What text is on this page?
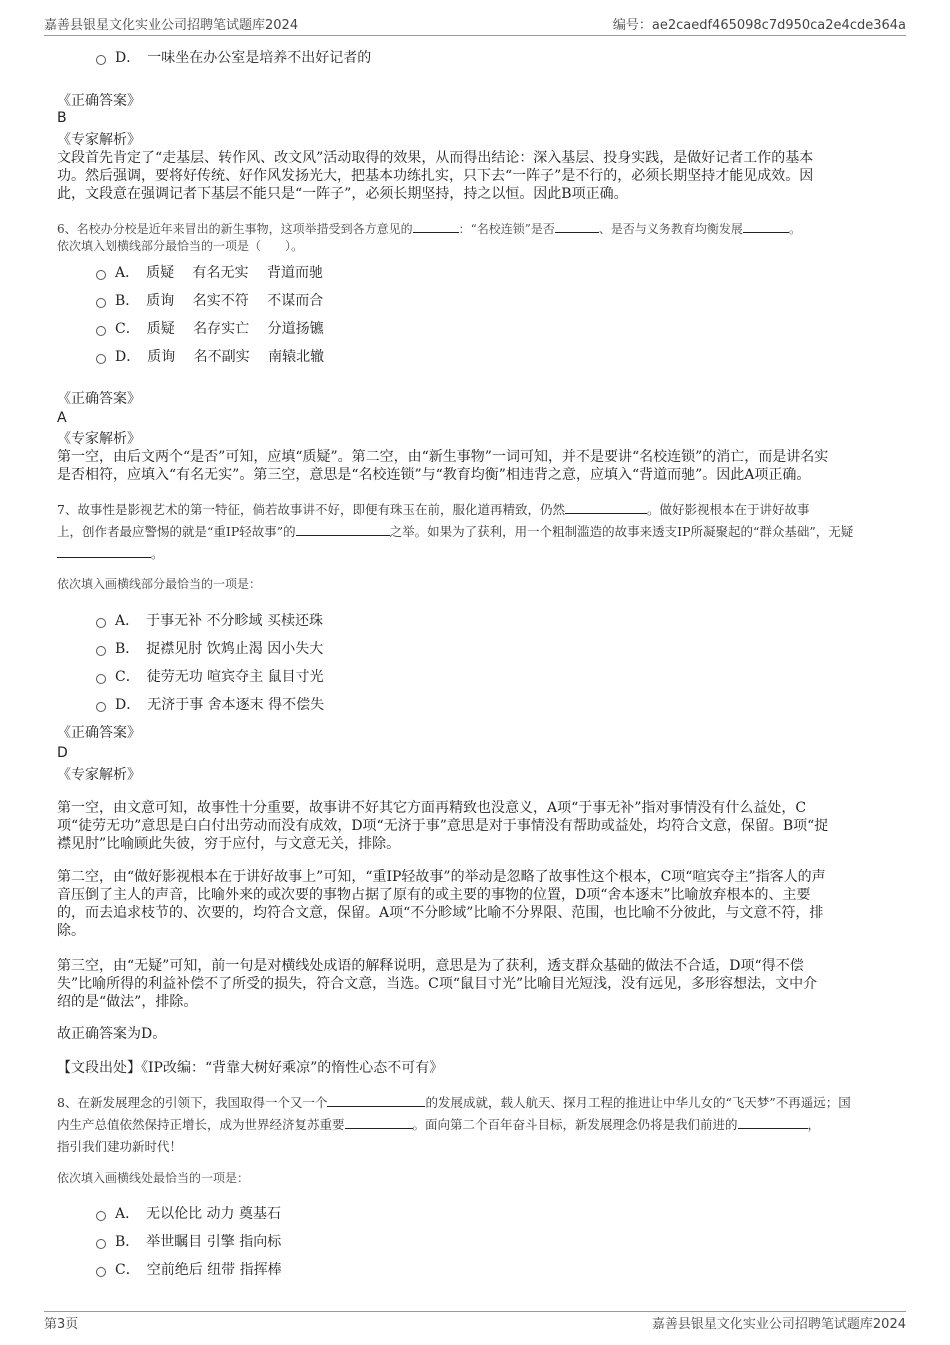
嘉善县银星文化实业公司招聘笔试题库2024	编号：ae2caedf465098c7d950ca2e4cde364a
D．　一味坐在办公室是培养不出好记者的
《正确答案》
B
《专家解析》
文段首先肯定了“走基层、转作风、改文风”活动取得的效果，从而得出结论：深入基层、投身实践，是做好记者工作的基本
功。然后强调，要将好传统、好作风发扬光大，把基本功练扎实，只下去“一阵子”是不行的，必须长期坚持才能见成效。因
此，文段意在强调记者下基层不能只是“一阵子”，必须长期坚持，持之以恒。因此B项正确。
6、名校办分校是近年来冒出的新生事物，这项举措受到各方意见的	：“名校连锁”是否	、是否与义务教育均衡发展	。
依次填入划横线部分最恰当的一项是（　　）。
A．　质疑　 有名无实　 背道而驰
B．　质询　 名实不符　 不谋而合
C．　质疑　 名存实亡　 分道扬镳
D．　质询　 名不副实　 南辕北辙
《正确答案》
A
《专家解析》
第一空，由后文两个“是否”可知，应填“质疑”。第二空，由“新生事物”一词可知，并不是要讲“名校连锁”的消亡，而是讲名实
是否相符，应填入“有名无实”。第三空，意思是“名校连锁”与“教育均衡”相违背之意，应填入“背道而驰”。因此A项正确。
7、故事性是影视艺术的第一特征，倘若故事讲不好，即便有珠玉在前，服化道再精致，仍然	。做好影视根本在于讲好故事
上，创作者最应警惕的就是“重IP轻故事”的	之举。如果为了获利，用一个粗制滥造的故事来透支IP所凝聚起的“群众基础”，无疑
。
依次填入画横线部分最恰当的一项是：
A．　于事无补 不分畛域 买椟还珠
B．　捉襟见肘 饮鸩止渴 因小失大
C．　徒劳无功 喧宾夺主 鼠目寸光
D．　无济于事 舍本逐末 得不偿失
《正确答案》
D
《专家解析》
第一空，由文意可知，故事性十分重要，故事讲不好其它方面再精致也没意义，A项“于事无补”指对事情没有什么益处，C
项“徒劳无功”意思是白白付出劳动而没有成效，D项“无济于事”意思是对于事情没有帮助或益处，均符合文意，保留。B项“捉
襟见肘”比喻顾此失彼，穷于应付，与文意无关，排除。
第二空，由“做好影视根本在于讲好故事上”可知，“重IP轻故事”的举动是忽略了故事性这个根本，C项“喧宾夺主”指客人的声
音压倒了主人的声音，比喻外来的或次要的事物占据了原有的或主要的事物的位置，D项“舍本逐末”比喻放弃根本的、主要
的，而去追求枝节的、次要的，均符合文意，保留。A项“不分畛域”比喻不分界限、范围，也比喻不分彼此，与文意不符，排
除。
第三空，由“无疑”可知，前一句是对横线处成语的解释说明，意思是为了获利，透支群众基础的做法不合适，D项“得不偿
失”比喻所得的利益补偿不了所受的损失，符合文意，当选。C项“鼠目寸光”比喻目光短浅，没有远见，多形容想法，文中介
绍的是“做法”，排除。
故正确答案为D。
【文段出处】《IP改编：“背靠大树好乘凉”的惰性心态不可有》
8、在新发展理念的引领下，我国取得一个又一个	的发展成就，载人航天、探月工程的推进让中华儿女的“飞天梦”不再遥远；国
内生产总值依然保持正增长，成为世界经济复苏重要	。面向第二个百年奋斗目标，新发展理念仍将是我们前进的	，
指引我们建功新时代！
依次填入画横线处最恰当的一项是：
A．　无以伦比 动力 奠基石
B．　举世瞩目 引擎 指向标
C．　空前绝后 纽带 指挥棒
第3页	嘉善县银星文化实业公司招聘笔试题库2024
